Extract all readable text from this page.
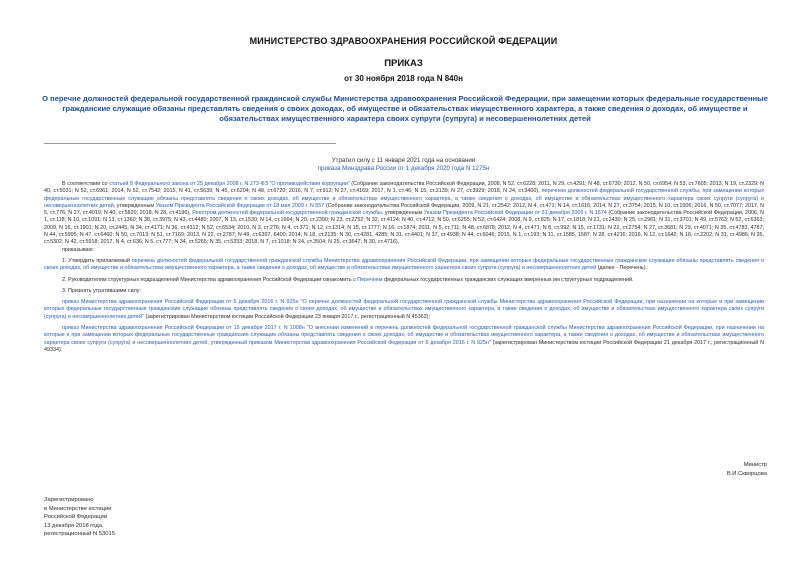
МИНИСТЕРСТВО ЗДРАВООХРАНЕНИЯ РОССИЙСКОЙ ФЕДЕРАЦИИ
ПРИКАЗ
от 30 ноября 2018 года N 840н
О перечне должностей федеральной государственной гражданской службы Министерства здравоохранения Российской Федерации, при замещении которых федеральные государственные гражданские служащие обязаны представлять сведения о своих доходах, об имуществе и обязательствах имущественного характера, а также сведения о доходах, об имуществе и обязательствах имущественного характера своих супруги (супруга) и несовершеннолетних детей
Утратил силу с 11 января 2021 года на основании
приказа Минздрава России от 1 декабря 2020 года N 1275н

В соответствии со статьей 8 Федерального закона от 25 декабря 2008 г. N 273-ФЗ "О противодействии коррупции" (Собрание законодательства Российской Федерации, 2008, N 52, ст.6228; 2011, N 29, ст.4291; N 48, ст.6730; 2012, N 50, ст.6954; N 53, ст.7605; 2013, N 19, ст.2329; N 40, ст.5031; N 52, ст.6961; 2014, N 52, ст.7542; 2015, N 41, ст.5639; N 45, ст.6204; N 48, ст.6720; 2016, N 7, ст.912; N 27, ст.4169; 2017, N 1, ст.46; N 15, ст.2139; N 27, ст.3929; 2018, N 24, ст.3400), перечнем должностей федеральной государственной службы, при замещении которых федеральные государственные служащие обязаны представлять сведения о своих доходах, об имуществе и обязательствах имущественного характера, а также сведения о доходах, об имуществе и обязательствах имущественного характера своих супруги (супруга) и несовершеннолетних детей, утвержденным Указом Президента Российской Федерации от 18 мая 2009 г. N 557 (Собрание законодательства Российской Федерации, 2009, N 21, ст.2542; 2012, N 4, ст.471; N 14, ст.1616; 2014, N 27, ст.3754; 2015, N 10, ст.1506; 2016, N 50, ст.7077; 2017, N 5, ст.776; N 27, ст.4019; N 40, ст.5820; 2018, N 28, ст.4196), Реестром должностей федеральной государственной гражданской службы, утвержденным Указом Президента Российской Федерации от 31 декабря 2005 г. N 1574 (Собрание законодательства Российской Федерации, 2006, N 1, ст.118; N 10, ст.1091; N 13, ст.1360; N 38, ст.3975; N 43, ст.4480; 2007, N 13, ст.1530; N 14, ст.1664; N 20, ст.2390; N 23, ст.2752; N 32, ст.4124; N 40, ст.4712; N 50, ст.6255; N 52, ст.6424; 2008, N 9, ст.825; N 17, ст.1818; N 21, ст.2430; N 25, ст.2961; N 31, ст.3701; N 49, ст.5763; N 52, ст.6363; 2009, N 16, ст.1901; N 20, ст.2445; N 34, ст.4171; N 36, ст.4312; N 52, ст.6534; 2010, N 3, ст.276; N 4, ст.371; N 12, ст.1314; N 15, ст.1777; N 16, ст.1874; 2011, N 5, ст.711; N 48, ст.6878; 2012, N 4, ст.471; N 8, ст.992; N 15, ст.1731; N 22, ст.2754; N 27, ст.3681; N 29, ст.4071; N 35, ст.4783, 4787; N 44, ст.5995; N 47, ст.6460; N 50, ст.7013; N 51, ст.7169; 2013, N 22, ст.2787; N 49, ст.6397, 6400; 2014, N 18, ст.2135; N 30, ст.4281, 4285; N 31, ст.4401; N 37, ст.4938; N 44, ст.6046; 2015, N 1, ст.193; N 11, ст.1585, 1587; N 28, ст.4216; 2016, N 12, ст.1642; N 16, ст.2202; N 31, ст.4986; N 35, ст.5302; N 42, ст.5918; 2017, N 4, ст.636; N 5, ст.777; N 34, ст.5265; N 35, ст.5333; 2018, N 7, ст.1018; N 24, ст.3504; N 25, ст.3647; N 30, ст.4716),

приказываю:

1. Утвердить прилагаемый перечень должностей федеральной государственной гражданской службы Министерства здравоохранения Российской Федерации, при замещении которых федеральные государственные гражданские служащие обязаны представлять сведения о своих доходах, об имуществе и обязательствах имущественного характера, а также сведения о доходах, об имуществе и обязательствах имущественного характера своих супруги (супруга) и несовершеннолетних детей (далее - Перечень).

2. Руководителям структурных подразделений Министерства здравоохранения Российской Федерации ознакомить с Перечнем федеральных государственных гражданских служащих вверенных им структурных подразделений.

3. Признать утратившими силу:

приказ Министерства здравоохранения Российской Федерации от 6 декабря 2016 г. N 925н "О перечне должностей федеральной государственной гражданской службы Министерства здравоохранения Российской Федерации, при назначении на которые и при замещении которых федеральные государственные гражданские служащие обязаны представлять сведения о своих доходах, об имуществе и обязательствах имущественного характера, а также сведения о доходах, об имуществе и обязательствах имущественного характера своих супруги (супруга) и несовершеннолетних детей" (зарегистрирован Министерством юстиции Российской Федерации 23 января 2017 г., регистрационный N 45362);

приказ Министерства здравоохранения Российской Федерации от 15 декабря 2017 г. N 1008н "О внесении изменений в перечень должностей федеральной государственной гражданской службы Министерства здравоохранения Российской Федерации, при назначении на которые и при замещении которых федеральные государственные гражданские служащие обязаны представлять сведения о своих доходах, об имуществе и обязательствах имущественного характера, а также сведения о доходах, об имуществе и обязательствах имущественного характера своих супруги (супруга) и несовершеннолетних детей, утвержденный приказом Министерства здравоохранения Российской Федерации от 6 декабря 2016 г. N 925н" (зарегистрирован Министерством юстиции Российской Федерации 21 декабря 2017 г., регистрационный N 49334).

Министр
В.И.Скворцова
Зарегистрировано
в Министерстве юстиции
Российской Федерации
13 декабря 2018 года,
регистрационный N 53015
